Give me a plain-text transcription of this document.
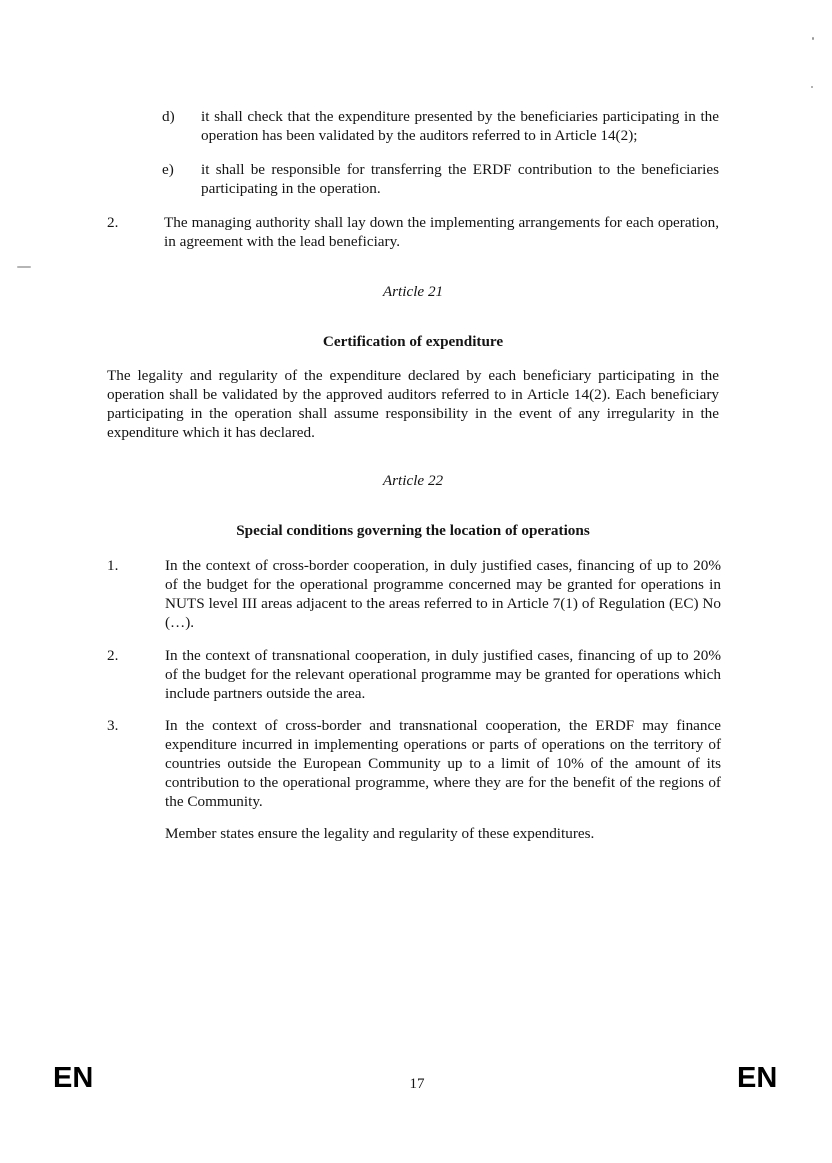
d) it shall check that the expenditure presented by the beneficiaries participating in the operation has been validated by the auditors referred to in Article 14(2);

e) it shall be responsible for transferring the ERDF contribution to the beneficiaries participating in the operation.

2.	The managing authority shall lay down the implementing arrangements for each operation, in agreement with the lead beneficiary.

Article 21
Certification of expenditure

The legality and regularity of the expenditure declared by each beneficiary participating in the operation shall be validated by the approved auditors referred to in Article 14(2). Each beneficiary participating in the operation shall assume responsibility in the event of any irregularity in the expenditure which it has declared.

Article 22
Special conditions governing the location of operations
1.	In the context of cross-border cooperation, in duly justified cases, financing of up to 20% of the budget for the operational programme concerned may be granted for operations in NUTS level III areas adjacent to the areas referred to in Article 7(1) of Regulation (EC) No (…).

2.	In the context of transnational cooperation, in duly justified cases, financing of up to 20% of the budget for the relevant operational programme may be granted for operations which include partners outside the area.

3.	In the context of cross-border and transnational cooperation, the ERDF may finance expenditure incurred in implementing operations or parts of operations on the territory of countries outside the European Community up to a limit of 10% of the amount of its contribution to the operational programme, where they are for the benefit of the regions of the Community.

Member states ensure the legality and regularity of these expenditures.

EN	17	EN
